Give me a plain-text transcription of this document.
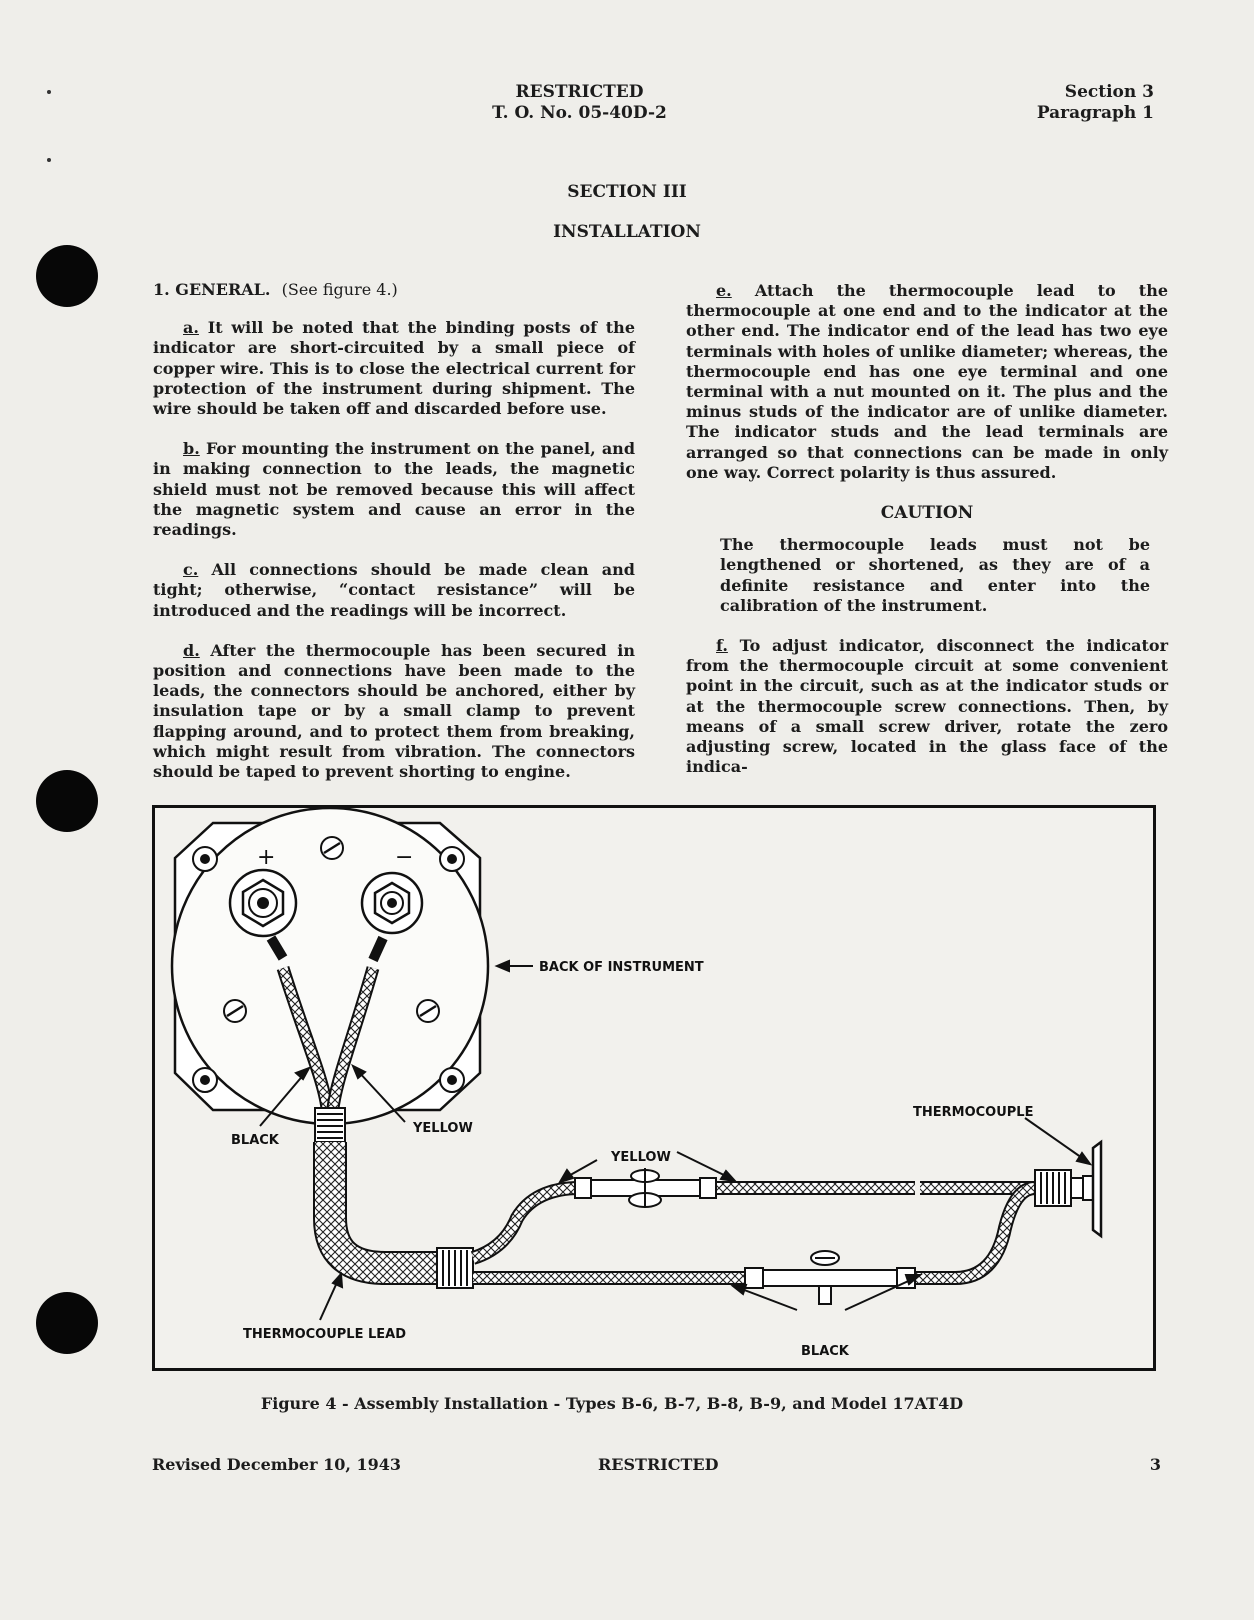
RESTRICTED
T. O. No. 05-40D-2
Section 3
Paragraph 1
SECTION III
INSTALLATION

1. GENERAL. (See figure 4.)

a. It will be noted that the binding posts of the indicator are short-circuited by a small piece of copper wire. This is to close the electrical current for protection of the instrument during shipment. The wire should be taken off and discarded before use.

b. For mounting the instrument on the panel, and in making connection to the leads, the magnetic shield must not be removed because this will affect the magnetic system and cause an error in the readings.

c. All connections should be made clean and tight; otherwise, “contact resistance” will be introduced and the readings will be incorrect.

d. After the thermocouple has been secured in position and connections have been made to the leads, the connectors should be anchored, either by insulation tape or by a small clamp to prevent flapping around, and to protect them from breaking, which might result from vibration. The connectors should be taped to prevent shorting to engine.

e. Attach the thermocouple lead to the thermocouple at one end and to the indicator at the other end. The indicator end of the lead has two eye terminals with holes of unlike diameter; whereas, the thermocouple end has one eye terminal and one terminal with a nut mounted on it. The plus and the minus studs of the indicator are of unlike diameter. The indicator studs and the lead terminals are arranged so that connections can be made in only one way. Correct polarity is thus assured.

CAUTION

The thermocouple leads must not be lengthened or shortened, as they are of a definite resistance and enter into the calibration of the instrument.

f. To adjust indicator, disconnect the indicator from the thermocouple circuit at some convenient point in the circuit, such as at the indicator studs or at the thermocouple screw connections. Then, by means of a small screw driver, rotate the zero adjusting screw, located in the glass face of the indica-

+	−
BACK OF INSTRUMENT
BLACK
YELLOW
YELLOW
THERMOCOUPLE
THERMOCOUPLE LEAD
BLACK
Figure 4 - Assembly Installation - Types B-6, B-7, B-8, B-9, and Model 17AT4D
Revised December 10, 1943	RESTRICTED	3
